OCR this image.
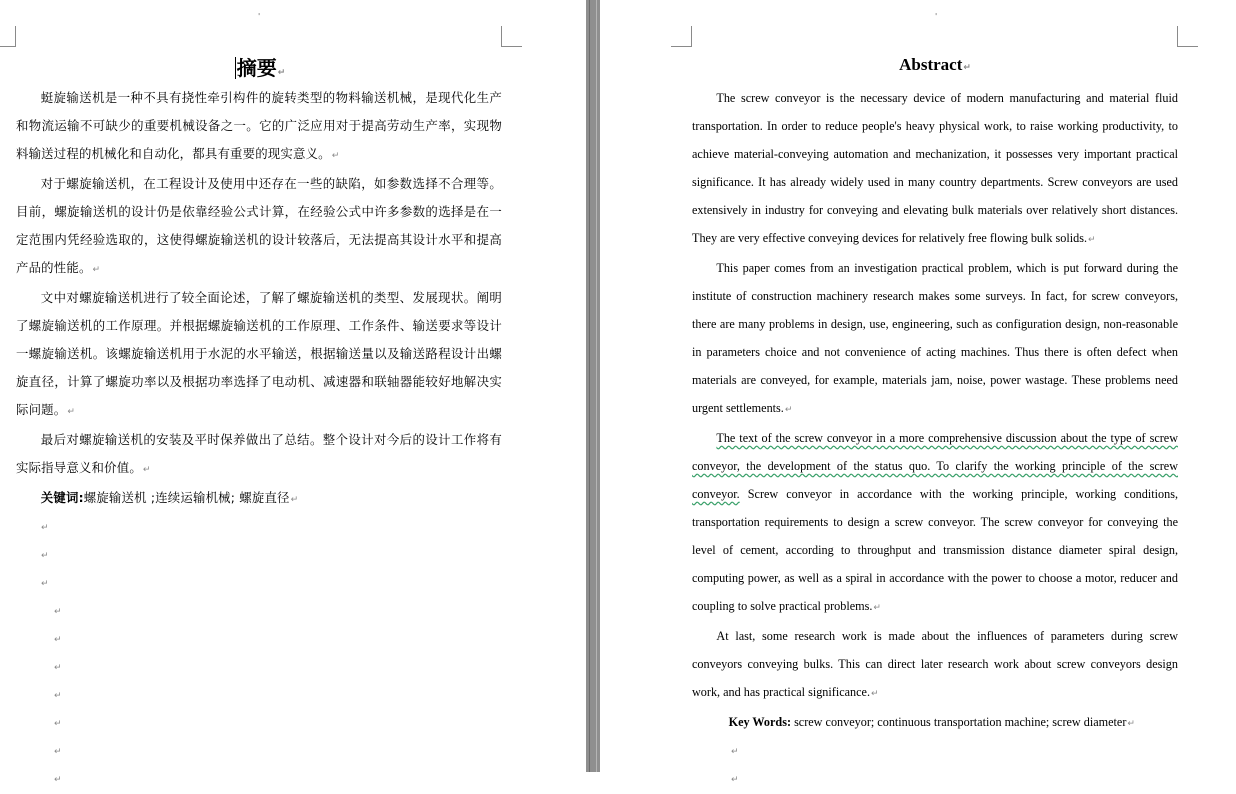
'
摘要↵

蜓旋输送机是一种不具有挠性牵引构件的旋转类型的物料输送机械，是现代化生产和物流运输不可缺少的重要机械设备之一。它的广泛应用对于提高劳动生产率，实现物料输送过程的机械化和自动化，都具有重要的现实意义。↵

对于螺旋输送机，在工程设计及使用中还存在一些的缺陷，如参数选择不合理等。目前，螺旋输送机的设计仍是依靠经验公式计算，在经验公式中许多参数的选择是在一定范围内凭经验选取的，这使得螺旋输送机的设计较落后，无法提高其设计水平和提高产品的性能。↵

文中对螺旋输送机进行了较全面论述，了解了螺旋输送机的类型、发展现状。阐明了螺旋输送机的工作原理。并根据螺旋输送机的工作原理、工作条件、输送要求等设计一螺旋输送机。该螺旋输送机用于水泥的水平输送，根据输送量以及输送路程设计出螺旋直径，计算了螺旋功率以及根据功率选择了电动机、减速器和联轴器能较好地解决实际问题。↵

最后对螺旋输送机的安装及平时保养做出了总结。整个设计对今后的设计工作将有实际指导意义和价值。↵

关键词:螺旋输送机 ;连续运输机械; 螺旋直径↵

↵
↵
↵
↵
↵
↵
↵
↵
↵
↵
'
Abstract↵

The screw conveyor is the necessary device of modern manufacturing and material fluid transportation. In order to reduce people's heavy physical work, to raise working productivity, to achieve material-conveying automation and mechanization, it possesses very important practical significance. It has already widely used in many country departments. Screw conveyors are used extensively in industry for conveying and elevating bulk materials over relatively short distances. They are very effective conveying devices for relatively free flowing bulk solids.↵

This paper comes from an investigation practical problem, which is put forward during the institute of construction machinery research makes some surveys. In fact, for screw conveyors, there are many problems in design, use, engineering, such as configuration design, non-reasonable in parameters choice and not convenience of acting machines. Thus there is often defect when materials are conveyed, for example, materials jam, noise, power wastage. These problems need urgent settlements.↵

The text of the screw conveyor in a more comprehensive discussion about the type of screw conveyor, the development of the status quo. To clarify the working principle of the screw conveyor. Screw conveyor in accordance with the working principle, working conditions, transportation requirements to design a screw conveyor. The screw conveyor for conveying the level of cement, according to throughput and transmission distance diameter spiral design, computing power, as well as a spiral in accordance with the power to choose a motor, reducer and coupling to solve practical problems.↵

At last, some research work is made about the influences of parameters during screw conveyors conveying bulks. This can direct later research work about screw conveyors design work, and has practical significance.↵

Key Words: screw conveyor; continuous transportation machine; screw diameter↵

↵
↵
